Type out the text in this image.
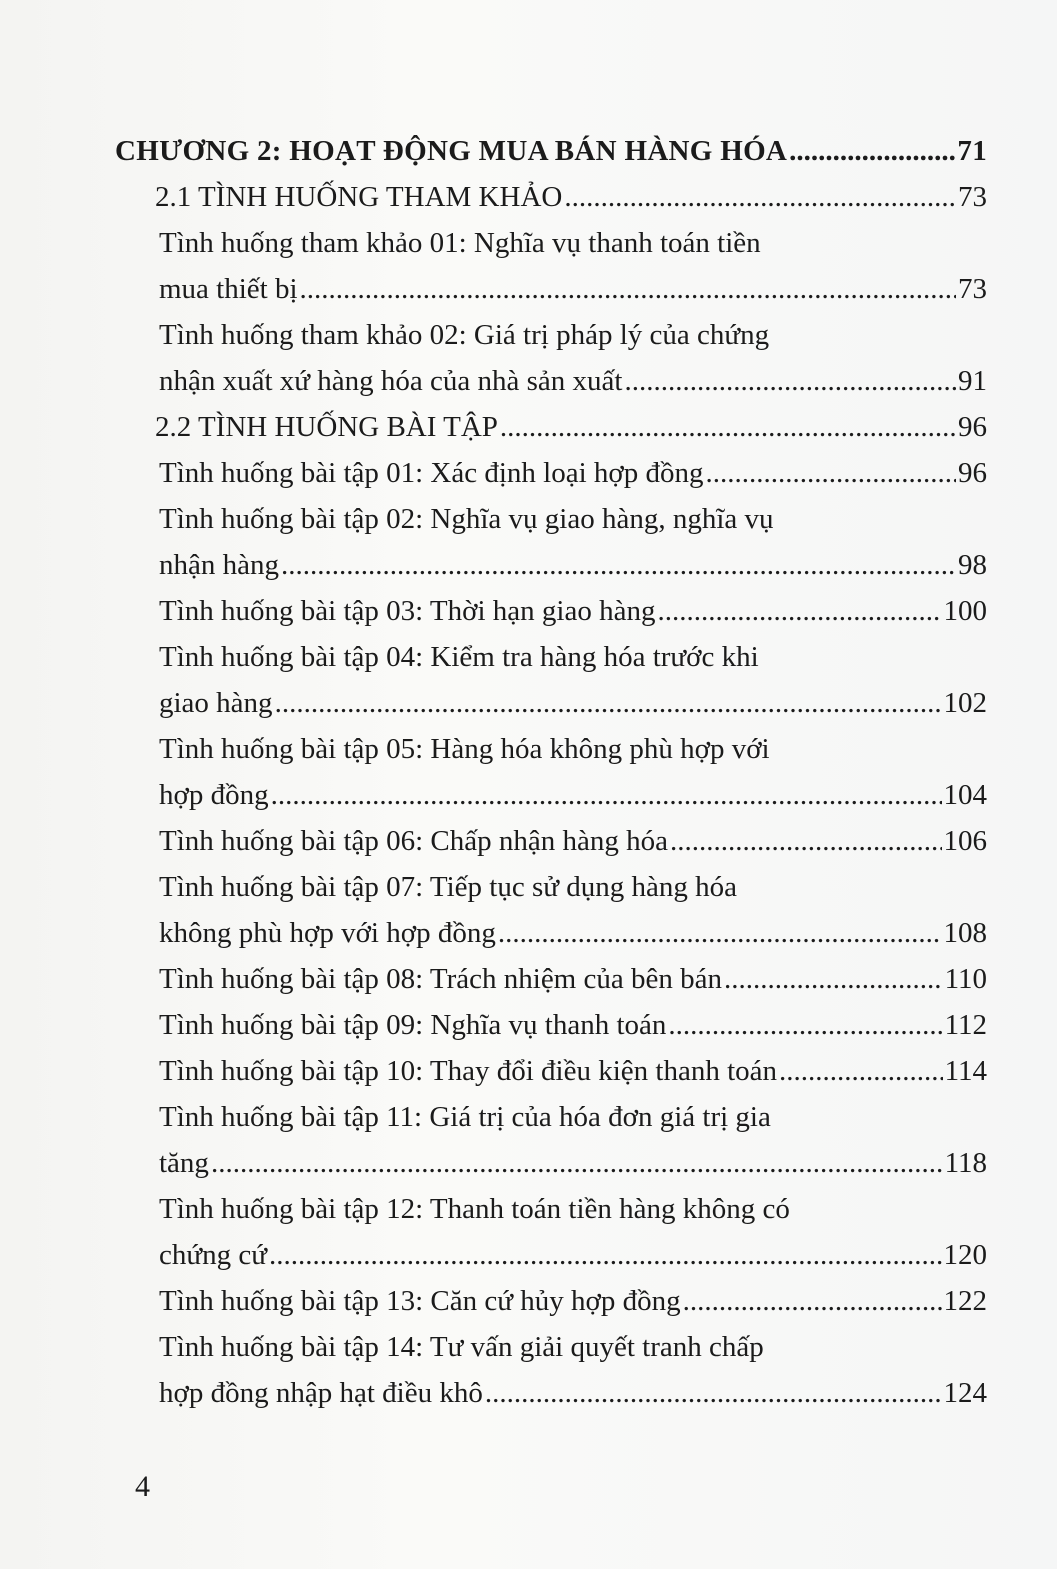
CHƯƠNG 2: HOẠT ĐỘNG MUA BÁN HÀNG HÓA .....	71
2.1 TÌNH HUỐNG THAM KHẢO .....	73
Tình huống tham khảo 01: Nghĩa vụ thanh toán tiền
mua thiết bị .....	73
Tình huống tham khảo 02: Giá trị pháp lý của chứng
nhận xuất xứ hàng hóa của nhà sản xuất .....	91
2.2 TÌNH HUỐNG BÀI TẬP .....	96
Tình huống bài tập 01: Xác định loại hợp đồng .....	96
Tình huống bài tập 02: Nghĩa vụ giao hàng, nghĩa vụ
nhận hàng .....	98
Tình huống bài tập 03: Thời hạn giao hàng .....	100
Tình huống bài tập 04: Kiểm tra hàng hóa trước khi
giao hàng .....	102
Tình huống bài tập 05: Hàng hóa không phù hợp với
hợp đồng .....	104
Tình huống bài tập 06: Chấp nhận hàng hóa .....	106
Tình huống bài tập 07: Tiếp tục sử dụng hàng hóa
không phù hợp với hợp đồng .....	108
Tình huống bài tập 08: Trách nhiệm của bên bán .....	110
Tình huống bài tập 09: Nghĩa vụ thanh toán .....	112
Tình huống bài tập 10: Thay đổi điều kiện thanh toán .....	114
Tình huống bài tập 11: Giá trị của hóa đơn giá trị gia
tăng .....	118
Tình huống bài tập 12: Thanh toán tiền hàng không có
chứng cứ .....	120
Tình huống bài tập 13: Căn cứ hủy hợp đồng .....	122
Tình huống bài tập 14: Tư vấn giải quyết tranh chấp
hợp đồng nhập hạt điều khô .....	124
4
